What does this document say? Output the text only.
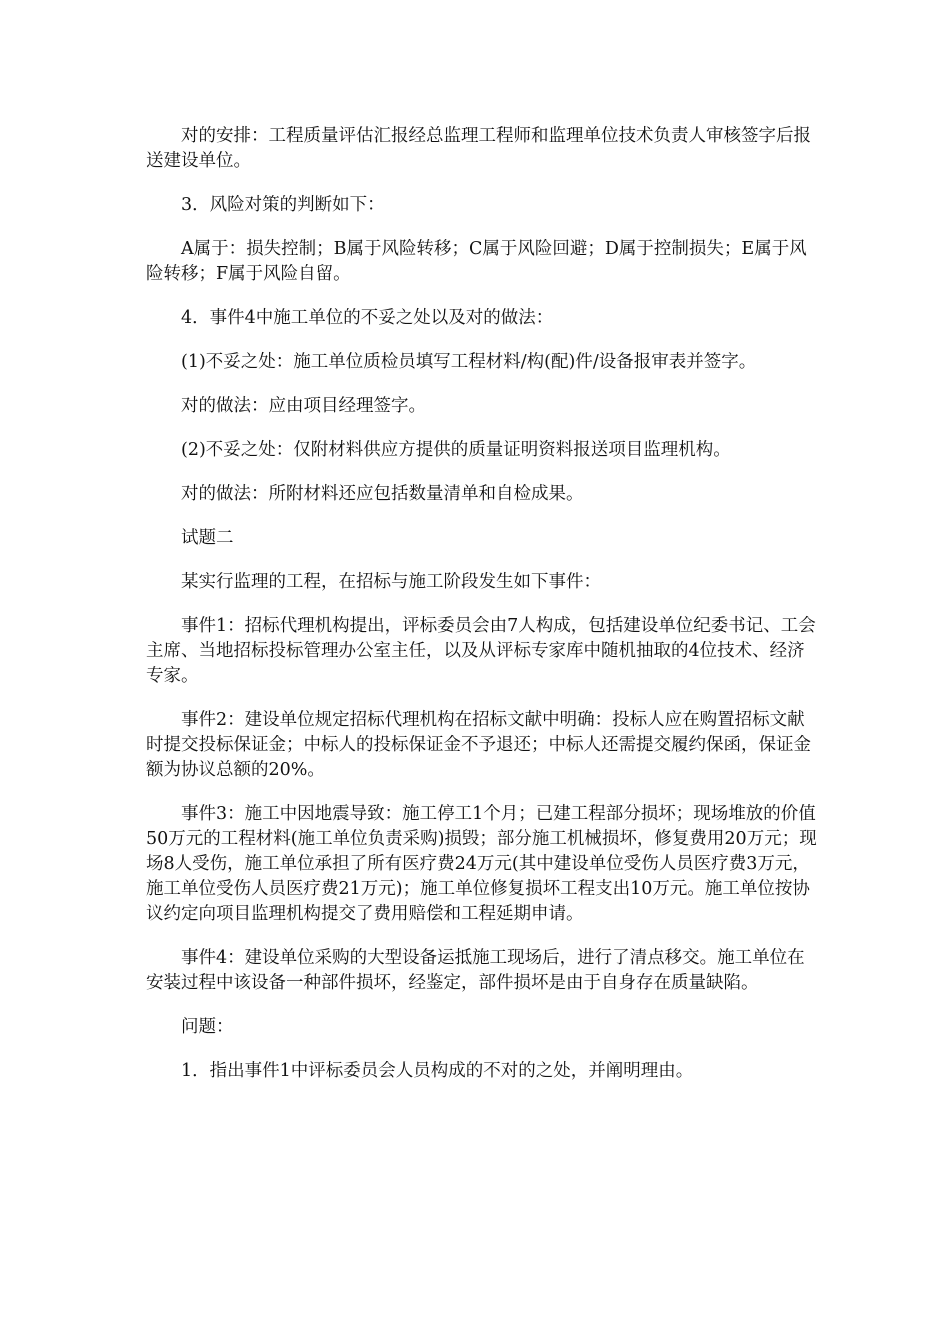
对的安排：工程质量评估汇报经总监理工程师和监理单位技术负责人审核签字后报送建设单位。

3．风险对策的判断如下：

A属于：损失控制；B属于风险转移；C属于风险回避；D属于控制损失；E属于风险转移；F属于风险自留。

4．事件4中施工单位的不妥之处以及对的做法：

(1)不妥之处：施工单位质检员填写工程材料/构(配)件/设备报审表并签字。

对的做法：应由项目经理签字。

(2)不妥之处：仅附材料供应方提供的质量证明资料报送项目监理机构。

对的做法：所附材料还应包括数量清单和自检成果。

试题二

某实行监理的工程，在招标与施工阶段发生如下事件：

事件1：招标代理机构提出，评标委员会由7人构成，包括建设单位纪委书记、工会主席、当地招标投标管理办公室主任，以及从评标专家库中随机抽取的4位技术、经济专家。

事件2：建设单位规定招标代理机构在招标文献中明确：投标人应在购置招标文献时提交投标保证金；中标人的投标保证金不予退还；中标人还需提交履约保函，保证金额为协议总额的20%。

事件3：施工中因地震导致：施工停工1个月；已建工程部分损坏；现场堆放的价值50万元的工程材料(施工单位负责采购)损毁；部分施工机械损坏，修复费用20万元；现场8人受伤，施工单位承担了所有医疗费24万元(其中建设单位受伤人员医疗费3万元，施工单位受伤人员医疗费21万元)；施工单位修复损坏工程支出10万元。施工单位按协议约定向项目监理机构提交了费用赔偿和工程延期申请。

事件4：建设单位采购的大型设备运抵施工现场后，进行了清点移交。施工单位在安装过程中该设备一种部件损坏，经鉴定，部件损坏是由于自身存在质量缺陷。

问题：

1．指出事件1中评标委员会人员构成的不对的之处，并阐明理由。
